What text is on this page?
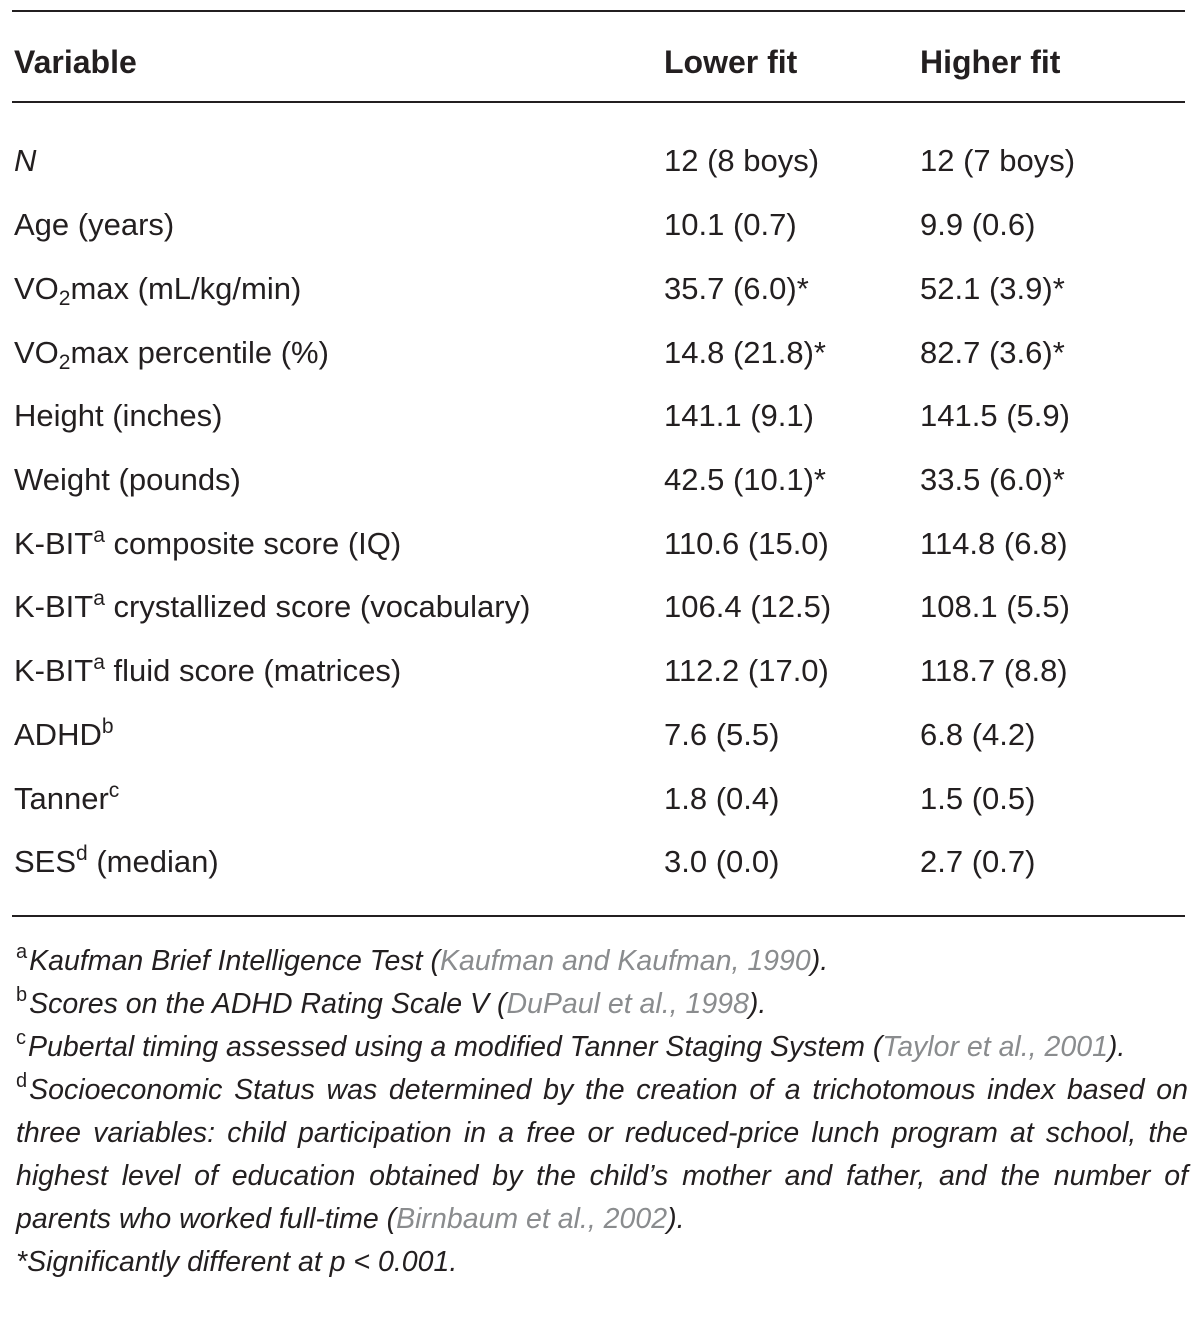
Variable	Lower fit	Higher fit
N	12 (8 boys)	12 (7 boys)
Age (years)	10.1 (0.7)	9.9 (0.6)
$VO_2\max$ (mL/kg/min)	35.7 (6.0)*	52.1 (3.9)*
$VO_2\max$ percentile (%)	14.8 (21.8)*	82.7 (3.6)*
Height (inches)	141.1 (9.1)	141.5 (5.9)
Weight (pounds)	42.5 (10.1)*	33.5 (6.0)*
K-BIT$^a$ composite score (IQ)	110.6 (15.0)	114.8 (6.8)
K-BIT$^a$ crystallized score (vocabulary)	106.4 (12.5)	108.1 (5.5)
K-BIT$^a$ fluid score (matrices)	112.2 (17.0)	118.7 (8.8)
ADHD$^b$	7.6 (5.5)	6.8 (4.2)
Tanner$^c$	1.8 (0.4)	1.5 (0.5)
SES$^d$ (median)	3.0 (0.0)	2.7 (0.7)

$^a$Kaufman Brief Intelligence Test (Kaufman and Kaufman, 1990).

$^b$Scores on the ADHD Rating Scale V (DuPaul et al., 1998).

$^c$Pubertal timing assessed using a modified Tanner Staging System (Taylor et al., 2001).

$^d$Socioeconomic Status was determined by the creation of a trichotomous index based on three variables: child participation in a free or reduced-price lunch program at school, the highest level of education obtained by the child’s mother and father, and the number of parents who worked full-time (Birnbaum et al., 2002).

*Significantly different at p < 0.001.
